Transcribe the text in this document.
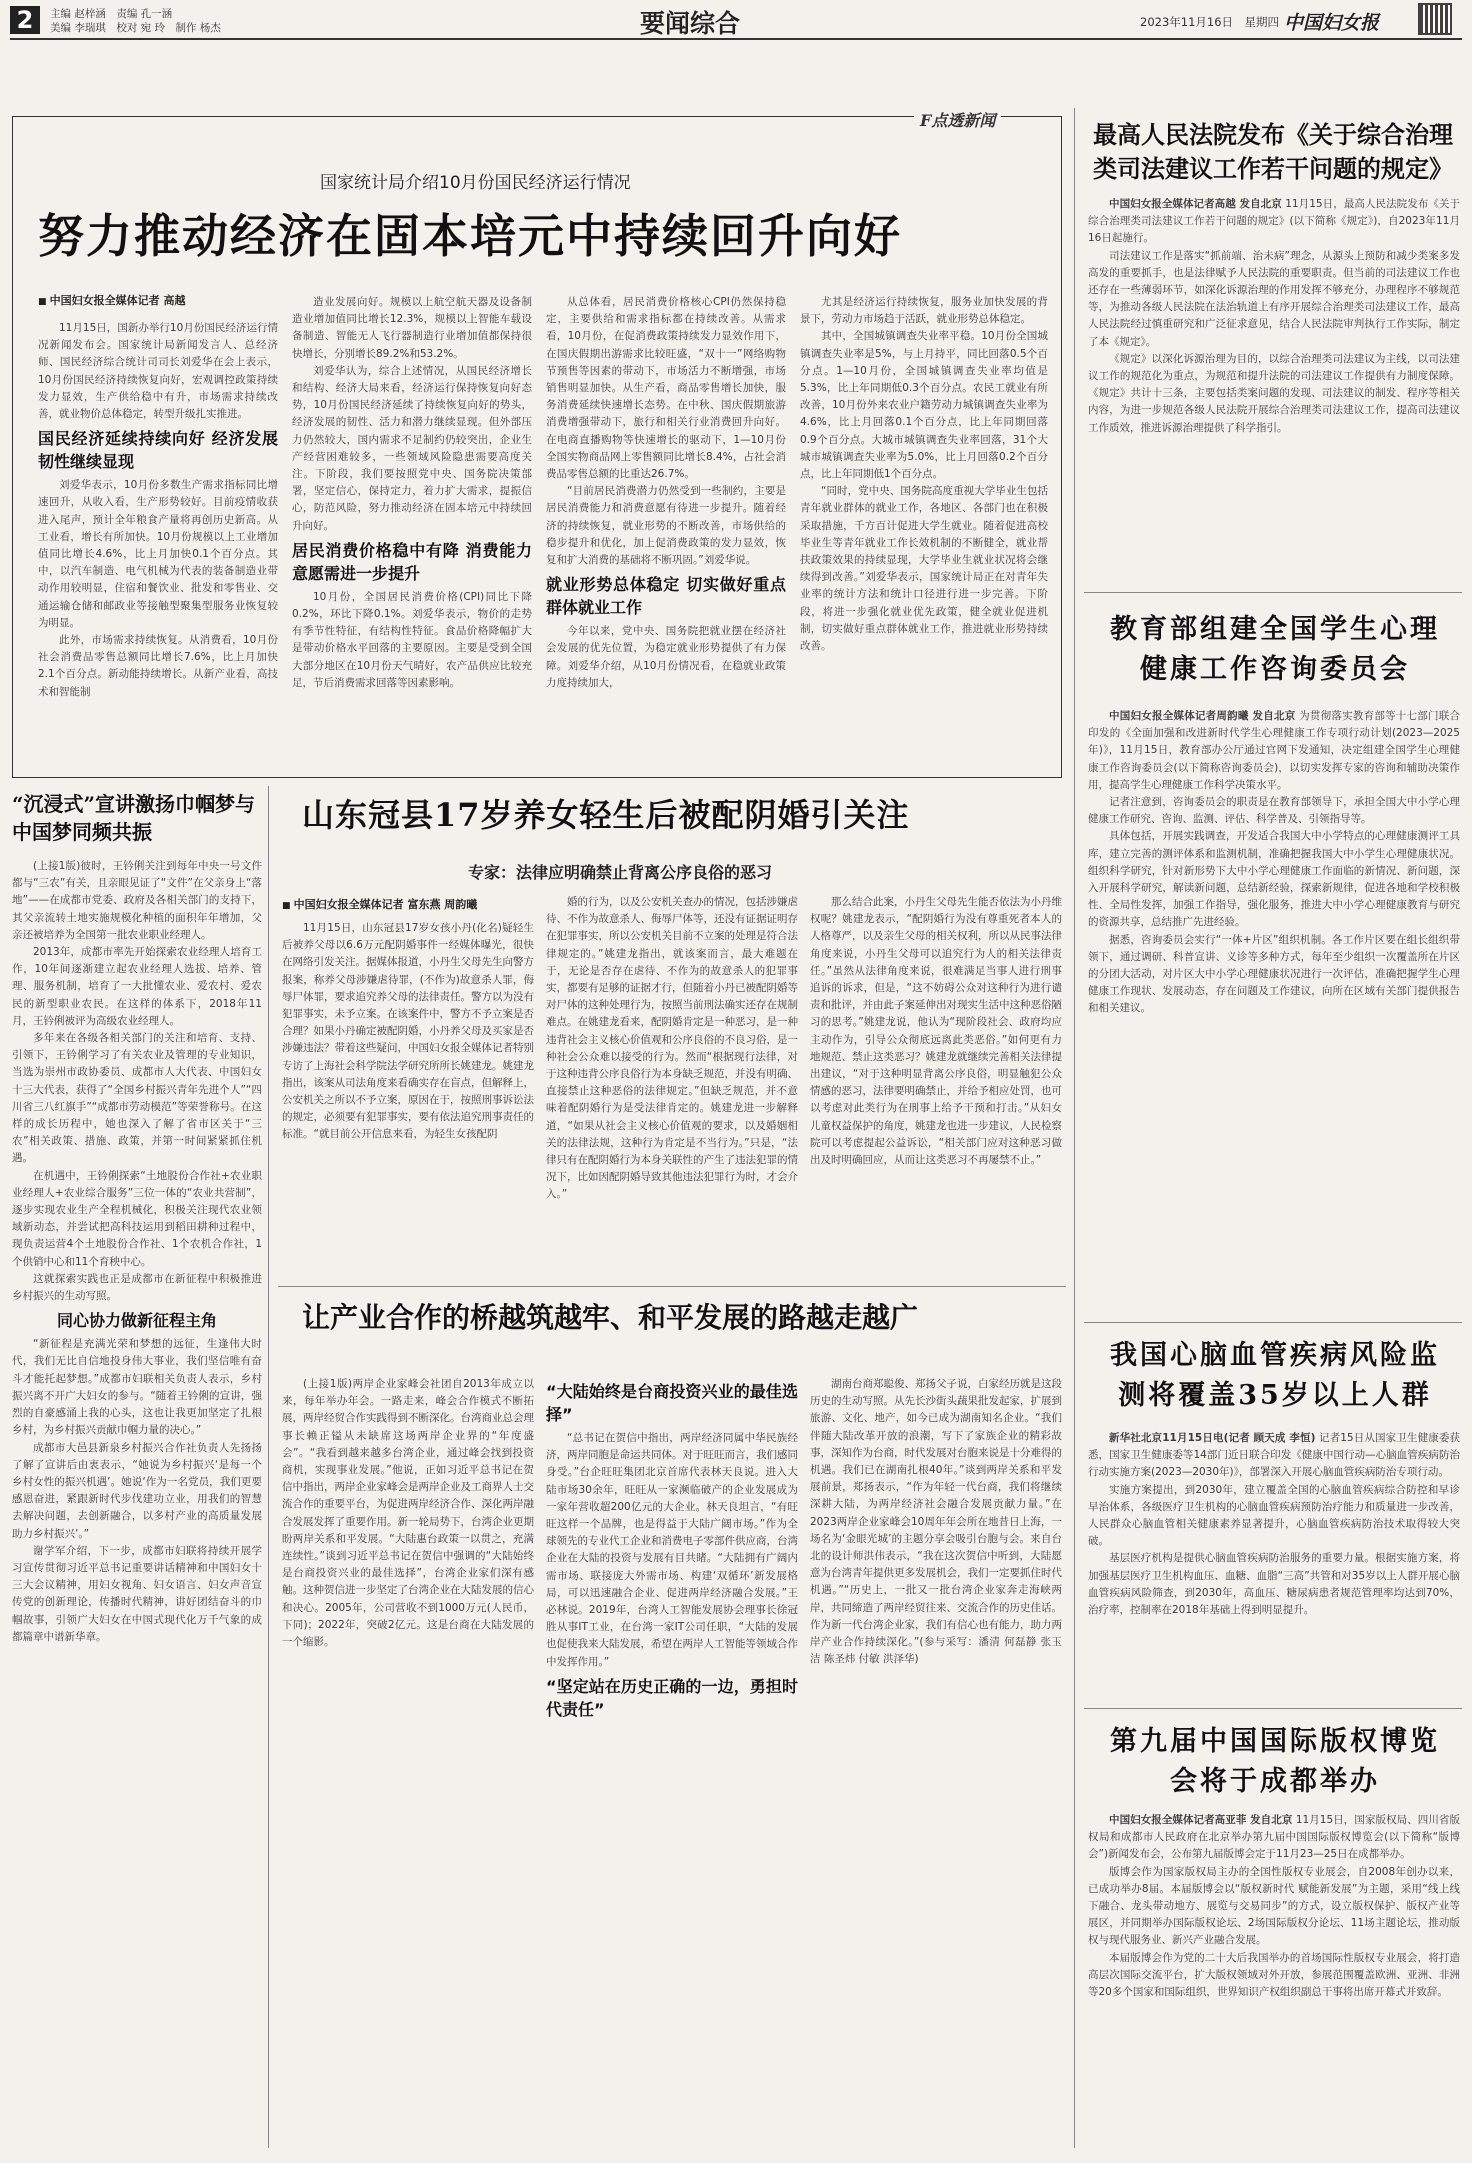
2	主编 赵梓涵　责编 孔一涵
美编 李瑞琪　校对 宛 玲　制作 杨杰	要闻综合	2023年11月16日　星期四 中国妇女报
F点透新闻
国家统计局介绍10月份国民经济运行情况
努力推动经济在固本培元中持续回升向好
■ 中国妇女报全媒体记者 高越

11月15日，国新办举行10月份国民经济运行情况新闻发布会。国家统计局新闻发言人、总经济师、国民经济综合统计司司长刘爱华在会上表示，10月份国民经济持续恢复向好，宏观调控政策持续发力显效，生产供给稳中有升，市场需求持续改善，就业物价总体稳定，转型升级扎实推进。

国民经济延续持续向好 经济发展韧性继续显现

刘爱华表示，10月份多数生产需求指标同比增速回升，从收入看，生产形势较好。目前疫情收获进入尾声，预计全年粮食产量将再创历史新高。从工业看，增长有所加快。10月份规模以上工业增加值同比增长4.6%，比上月加快0.1个百分点。其中，以汽车制造、电气机械为代表的装备制造业带动作用较明显，住宿和餐饮业、批发和零售业、交通运输仓储和邮政业等接触型聚集型服务业恢复较为明显。

此外，市场需求持续恢复。从消费看，10月份社会消费品零售总额同比增长7.6%，比上月加快2.1个百分点。新动能持续增长。从新产业看，高技术和智能制

造业发展向好。规模以上航空航天器及设备制造业增加值同比增长12.3%，规模以上智能车载设备制造、智能无人飞行器制造行业增加值都保持很快增长，分别增长89.2%和53.2%。

刘爱华认为，综合上述情况，从国民经济增长和结构、经济大局来看，经济运行保持恢复向好态势，10月份国民经济延续了持续恢复向好的势头，经济发展的韧性、活力和潜力继续显现。但外部压力仍然较大，国内需求不足制约仍较突出，企业生产经营困难较多，一些领域风险隐患需要高度关注。下阶段，我们要按照党中央、国务院决策部署，坚定信心，保持定力，着力扩大需求，提振信心，防范风险，努力推动经济在固本培元中持续回升向好。

居民消费价格稳中有降 消费能力意愿需进一步提升

10月份，全国居民消费价格(CPI)同比下降0.2%，环比下降0.1%。刘爱华表示，物价的走势有季节性特征，有结构性特征。食品价格降幅扩大是带动价格水平回落的主要原因。主要是受到全国大部分地区在10月份天气晴好，农产品供应比较充足，节后消费需求回落等因素影响。

从总体看，居民消费价格核心CPI仍然保持稳定，主要供给和需求指标都在持续改善。从需求看，10月份，在促消费政策持续发力显效作用下，在国庆假期出游需求比较旺盛，“双十一”网络购物节预售等因素的带动下，市场活力不断增强，市场销售明显加快。从生产看，商品零售增长加快，服务消费延续快速增长态势。在中秋、国庆假期旅游消费增强带动下，旅行和相关行业消费回升向好。在电商直播购物等快速增长的驱动下，1—10月份全国实物商品网上零售额同比增长8.4%，占社会消费品零售总额的比重达26.7%。

“目前居民消费潜力仍然受到一些制约，主要是居民消费能力和消费意愿有待进一步提升。随着经济的持续恢复，就业形势的不断改善，市场供给的稳步提升和优化，加上促消费政策的发力显效，恢复和扩大消费的基础将不断巩固。”刘爱华说。

就业形势总体稳定 切实做好重点群体就业工作

今年以来，党中央、国务院把就业摆在经济社会发展的优先位置，为稳定就业形势提供了有力保障。刘爱华介绍，从10月份情况看，在稳就业政策力度持续加大，

尤其是经济运行持续恢复，服务业加快发展的背景下，劳动力市场趋于活跃，就业形势总体稳定。

其中，全国城镇调查失业率平稳。10月份全国城镇调查失业率是5%，与上月持平，同比回落0.5个百分点。1—10月份，全国城镇调查失业率均值是5.3%，比上年同期低0.3个百分点。农民工就业有所改善，10月份外来农业户籍劳动力城镇调查失业率为4.6%，比上月回落0.1个百分点，比上年同期回落0.9个百分点。大城市城镇调查失业率回落，31个大城市城镇调查失业率为5.0%，比上月回落0.2个百分点，比上年同期低1个百分点。

“同时，党中央、国务院高度重视大学毕业生包括青年就业群体的就业工作，各地区、各部门也在积极采取措施，千方百计促进大学生就业。随着促进高校毕业生等青年就业工作长效机制的不断健全，就业帮扶政策效果的持续显现，大学毕业生就业状况将会继续得到改善。”刘爱华表示，国家统计局正在对青年失业率的统计方法和统计口径进行进一步完善。下阶段，将进一步强化就业优先政策，健全就业促进机制，切实做好重点群体就业工作，推进就业形势持续改善。

最高人民法院发布《关于综合治理类司法建议工作若干问题的规定》

中国妇女报全媒体记者高越 发自北京 11月15日，最高人民法院发布《关于综合治理类司法建议工作若干问题的规定》(以下简称《规定》)，自2023年11月16日起施行。

司法建议工作是落实“抓前端、治未病”理念，从源头上预防和减少类案多发高发的重要抓手，也是法律赋予人民法院的重要职责。但当前的司法建议工作也还存在一些薄弱环节，如深化诉源治理的作用发挥不够充分，办理程序不够规范等，为推动各级人民法院在法治轨道上有序开展综合治理类司法建议工作，最高人民法院经过慎重研究和广泛征求意见，结合人民法院审判执行工作实际，制定了本《规定》。

《规定》以深化诉源治理为目的，以综合治理类司法建议为主线，以司法建议工作的规范化为重点，为规范和提升法院的司法建议工作提供有力制度保障。《规定》共计十三条，主要包括类案问题的发现、司法建议的制发、程序等相关内容，为进一步规范各级人民法院开展综合治理类司法建议工作，提高司法建议工作质效，推进诉源治理提供了科学指引。

教育部组建全国学生心理健康工作咨询委员会

中国妇女报全媒体记者周韵曦 发自北京 为贯彻落实教育部等十七部门联合印发的《全面加强和改进新时代学生心理健康工作专项行动计划(2023—2025年)》，11月15日，教育部办公厅通过官网下发通知，决定组建全国学生心理健康工作咨询委员会(以下简称咨询委员会)，以切实发挥专家的咨询和辅助决策作用，提高学生心理健康工作科学决策水平。

记者注意到，咨询委员会的职责是在教育部领导下，承担全国大中小学心理健康工作研究、咨询、监测、评估、科学普及、引领指导等。

具体包括，开展实践调查，开发适合我国大中小学特点的心理健康测评工具库，建立完善的测评体系和监测机制，准确把握我国大中小学生心理健康状况。组织科学研究，针对新形势下大中小学心理健康工作面临的新情况、新问题，深入开展科学研究，解读新问题，总结新经验，探索新规律，促进各地和学校积极性、全局性发挥，加强工作指导，强化服务，推进大中小学心理健康教育与研究的资源共享，总结推广先进经验。

据悉，咨询委员会实行“一体+片区”组织机制。各工作片区要在组长组织带领下，通过调研、科普宣讲、义诊等多种方式，每年至少组织一次覆盖所在片区的分团大活动，对片区大中小学心理健康状况进行一次评估，准确把握学生心理健康工作现状、发展动态，存在问题及工作建议，向所在区域有关部门提供报告和相关建议。

我国心脑血管疾病风险监测将覆盖35岁以上人群

新华社北京11月15日电(记者 顾天成 李恒) 记者15日从国家卫生健康委获悉，国家卫生健康委等14部门近日联合印发《健康中国行动—心脑血管疾病防治行动实施方案(2023—2030年)》，部署深入开展心脑血管疾病防治专项行动。

实施方案提出，到2030年，建立覆盖全国的心脑血管疾病综合防控和早诊早治体系，各级医疗卫生机构的心脑血管疾病预防治疗能力和质量进一步改善，人民群众心脑血管相关健康素养显著提升，心脑血管疾病防治技术取得较大突破。

基层医疗机构是提供心脑血管疾病防治服务的重要力量。根据实施方案，将加强基层医疗卫生机构血压、血糖、血脂“三高”共管和对35岁以上人群开展心脑血管疾病风险筛查，到2030年，高血压、糖尿病患者规范管理率均达到70%，治疗率，控制率在2018年基础上得到明显提升。

第九届中国国际版权博览会将于成都举办

中国妇女报全媒体记者高亚菲 发自北京 11月15日，国家版权局、四川省版权局和成都市人民政府在北京举办第九届中国国际版权博览会(以下简称“版博会”)新闻发布会，公布第九届版博会定于11月23—25日在成都举办。

版博会作为国家版权局主办的全国性版权专业展会，自2008年创办以来，已成功举办8届。本届版博会以“版权新时代 赋能新发展”为主题，采用“线上线下融合、龙头带动地方、展览与交易同步”的方式，设立版权保护、版权产业等展区，并同期举办国际版权论坛、2场国际版权分论坛、11场主题论坛，推动版权与现代服务业、新兴产业融合发展。

本届版博会作为党的二十大后我国举办的首场国际性版权专业展会，将打造高层次国际交流平台，扩大版权领域对外开放，参展范围覆盖欧洲、亚洲、非洲等20多个国家和国际组织，世界知识产权组织副总干事将出席开幕式并致辞。

“沉浸式”宣讲激扬巾帼梦与中国梦同频共振

(上接1版)彼时，王钤俐关注到每年中央一号文件都与“三农”有关，且亲眼见证了“文件”在父亲身上“落地”——在成都市党委、政府及各相关部门的支持下，其父亲流转土地实施规模化种植的面积年年增加，父亲还被培养为全国第一批农业职业经理人。

2013年，成都市率先开始探索农业经理人培育工作，10年间逐渐建立起农业经理人选拔、培养、管理、服务机制，培育了一大批懂农业、爱农村、爱农民的新型职业农民。在这样的体系下，2018年11月，王钤俐被评为高级农业经理人。

多年来在各级各相关部门的关注和培育、支持、引领下，王钤俐学习了有关农业及管理的专业知识，当选为崇州市政协委员、成都市人大代表、中国妇女十三大代表，获得了“全国乡村振兴青年先进个人”“四川省三八红旗手”“成都市劳动模范”等荣誉称号。在这样的成长历程中，她也深入了解了省市区关于“三农”相关政策、措施、政策，并第一时间紧紧抓住机遇。

在机遇中，王钤俐探索“土地股份合作社+农业职业经理人+农业综合服务”三位一体的“农业共营制”，逐步实现农业生产全程机械化，积极关注现代农业领域新动态，并尝试把高科技运用到稻田耕种过程中，现负责运营4个土地股份合作社、1个农机合作社，1个供销中心和11个育秧中心。

这就探索实践也正是成都市在新征程中积极推进乡村振兴的生动写照。

同心协力做新征程主角

“新征程是充满光荣和梦想的远征，生逢伟大时代，我们无比自信地投身伟大事业，我们坚信唯有奋斗才能托起梦想。”成都市妇联相关负责人表示，乡村振兴离不开广大妇女的参与。“随着王钤俐的宣讲，强烈的自豪感涌上我的心头，这也让我更加坚定了扎根乡村，为乡村振兴贡献巾帼力量的决心。”

成都市大邑县新泉乡村振兴合作社负责人先扬扬了解了宣讲后由衷表示，“她说为乡村振兴‘是每一个乡村女性的振兴机遇’。她说‘作为一名党员，我们更要感恩奋进，紧跟新时代步伐建功立业，用我们的智慧去解决问题，去创新融合，以多村产业的高质量发展助力乡村振兴’。”

谢学军介绍，下一步，成都市妇联将持续开展学习宣传贯彻习近平总书记重要讲话精神和中国妇女十三大会议精神，用妇女视角、妇女语言、妇女声音宣传党的创新理论，传播时代精神，讲好团结奋斗的巾帼故事，引领广大妇女在中国式现代化万千气象的成都篇章中谱新华章。

山东冠县17岁养女轻生后被配阴婚引关注
专家：法律应明确禁止背离公序良俗的恶习
■ 中国妇女报全媒体记者 富东燕 周韵曦

11月15日，山东冠县17岁女孩小丹(化名)疑轻生后被养父母以6.6万元配阴婚事件一经媒体曝光，很快在网络引发关注。据媒体报道，小丹生父母先生向警方报案，称养父母涉嫌虐待罪，(不作为)故意杀人罪，侮辱尸体罪，要求追究养父母的法律责任。警方以为没有犯罪事实，未予立案。在该案件中，警方不予立案是否合理？如果小丹确定被配阴婚，小丹养父母及买家是否涉嫌违法？带着这些疑问，中国妇女报全媒体记者特别专访了上海社会科学院法学研究所所长姚建龙。姚建龙指出，该案从司法角度来看确实存在盲点，但解释上，公安机关之所以不予立案，原因在于，按照刑事诉讼法的规定，必须要有犯罪事实，要有依法追究刑事责任的标准。“就目前公开信息来看，为轻生女孩配阴

婚的行为，以及公安机关查办的情况，包括涉嫌虐待、不作为故意杀人、侮辱尸体等，还没有证据证明存在犯罪事实，所以公安机关目前不立案的处理是符合法律规定的。”姚建龙指出，就该案而言，最大难题在于，无论是否存在虐待、不作为的故意杀人的犯罪事实，都要有足够的证据才行，但随着小丹已被配阴婚等对尸体的这种处理行为，按照当前刑法确实还存在规制难点。在姚建龙看来，配阴婚肯定是一种恶习，是一种违背社会主义核心价值观和公序良俗的不良习俗，是一种社会公众难以接受的行为。然而“根据现行法律，对于这种违背公序良俗行为本身缺乏规范，并没有明确、直接禁止这种恶俗的法律规定。”但缺乏规范，并不意味着配阴婚行为是受法律肯定的。姚建龙进一步解释道，“如果从社会主义核心价值观的要求，以及婚姻相关的法律法规，这种行为肯定是不当行为。”只是，“法律只有在配阴婚行为本身关联性的产生了违法犯罪的情况下，比如因配阴婚导致其他违法犯罪行为时，才会介入。”

那么结合此案，小丹生父母先生能否依法为小丹维权呢？姚建龙表示，“配阴婚行为没有尊重死者本人的人格尊严，以及亲生父母的相关权利，所以从民事法律角度来说，小丹生父母可以追究行为人的相关法律责任。”虽然从法律角度来说，很难满足当事人进行刑事追诉的诉求，但是，“这不妨碍公众对这种行为进行谴责和批评，并由此子案延伸出对现实生活中这种恶俗陋习的思考。”姚建龙说，他认为“现阶段社会、政府均应主动作为，引导公众彻底远离此类恶俗。”如何更有力地规范、禁止这类恶习？姚建龙就继续完善相关法律提出建议，“对于这种明显背离公序良俗，明显触犯公众情感的恶习，法律要明确禁止，并给予相应处罚，也可以考虑对此类行为在刑事上给予干预和打击。”从妇女儿童权益保护的角度，姚建龙也进一步建议，人民检察院可以考虑提起公益诉讼，“相关部门应对这种恶习做出及时明确回应，从而让这类恶习不再屡禁不止。”

让产业合作的桥越筑越牢、和平发展的路越走越广

(上接1版)两岸企业家峰会社团自2013年成立以来，每年举办年会。一路走来，峰会合作模式不断拓展，两岸经贸合作实践得到不断深化。台湾商业总会理事长赖正镒从未缺席这场两岸企业界的“年度盛会”。“我看到越来越多台湾企业，通过峰会找到投资商机，实现事业发展。”他说，正如习近平总书记在贺信中指出，两岸企业家峰会是两岸企业及工商界人士交流合作的重要平台，为促进两岸经济合作、深化两岸融合发展发挥了重要作用。新一轮局势下，台湾企业更期盼两岸关系和平发展。“大陆惠台政策一以贯之，充满连续性。”谈到习近平总书记在贺信中强调的“大陆始终是台商投资兴业的最佳选择”，台湾企业家们深有感触。这种贺信进一步坚定了台湾企业在大陆发展的信心和决心。2005年，公司营收不到1000万元(人民币，下同)；2022年，突破2亿元。这是台商在大陆发展的一个缩影。

“大陆始终是台商投资兴业的最佳选择”

“总书记在贺信中指出，两岸经济同属中华民族经济，两岸同胞是命运共同体。对于旺旺而言，我们感同身受。”台企旺旺集团北京首席代表林天良说。进入大陆市场30余年，旺旺从一家濒临破产的企业发展成为一家年营收超200亿元的大企业。林天良坦言，“有旺旺这样一个品牌，也是得益于大陆广阔市场。”作为全球领先的专业代工企业和消费电子零部件供应商，台湾企业在大陆的投资与发展有目共睹。“大陆拥有广阔内需市场、联接庞大外需市场、构建‘双循环’新发展格局，可以迅速融合企业、促进两岸经济融合发展。”王必林说。2019年，台湾人工智能发展协会理事长徐冠胜从事IT工业，在台湾一家IT公司任职，“大陆的发展也促使我来大陆发展，希望在两岸人工智能等领域合作中发挥作用。”

“坚定站在历史正确的一边，勇担时代责任”

湖南台商郑聪俊、郑扬父子说，白家经历就是这段历史的生动写照。从先长沙街头蔬果批发起家，扩展到旅游、文化、地产，如今已成为湖南知名企业。“我们伴随大陆改革开放的浪潮，写下了家族企业的精彩故事，深知作为台商，时代发展对台胞来说是十分难得的机遇。我们已在湖南扎根40年。”谈到两岸关系和平发展前景，郑扬表示，“作为年轻一代台商，我们将继续深耕大陆，为两岸经济社会融合发展贡献力量。”在2023两岸企业家峰会10周年年会所在地昔日上海，一场名为‘金眼光城’的主题分享会吸引台胞与会。来自台北的设计师洪伟表示，“我在这次贺信中听到，大陆愿意为台湾青年提供更多发展机会，我们一定要抓住时代机遇。”“历史上，一批又一批台湾企业家奔走海峡两岸，共同缔造了两岸经贸往来、交流合作的历史佳话。作为新一代台湾企业家，我们有信心也有能力，助力两岸产业合作持续深化。”(参与采写：潘清 何磊静 张玉洁 陈圣炜 付敏 洪泽华)
